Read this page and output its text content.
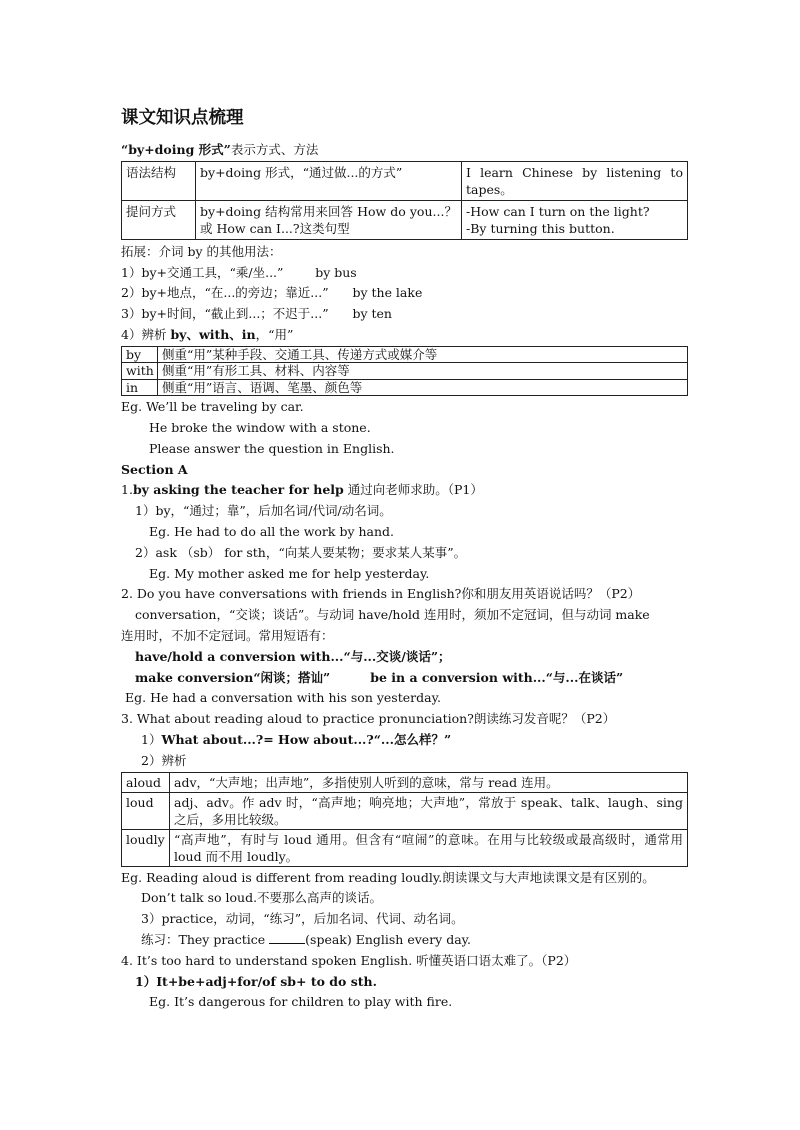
课文知识点梳理
“by+doing 形式”表示方式、方法
语法结构	by+doing 形式，“通过做...的方式”	I learn Chinese by listening to tapes。
提问方式	by+doing 结构常用来回答 How do you...？或 How can I...?这类句型	-How can I turn on the light?
-By turning this button.
拓展：介词 by 的其他用法：
1）by+交通工具，“乘/坐...”        by bus
2）by+地点，“在...的旁边；靠近...”      by the lake
3）by+时间，“截止到...；不迟于...”      by ten
4）辨析 by、with、in，“用”
by	侧重“用”某种手段、交通工具、传递方式或媒介等
with	侧重“用”有形工具、材料、内容等
in	侧重“用”语言、语调、笔墨、颜色等
Eg. We’ll be traveling by car.
He broke the window with a stone.
Please answer the question in English.
Section A
1.by asking the teacher for help 通过向老师求助。（P1）
1）by，“通过；靠”，后加名词/代词/动名词。
Eg. He had to do all the work by hand.
2）ask （sb） for sth，“向某人要某物；要求某人某事”。
Eg. My mother asked me for help yesterday.
2. Do you have conversations with friends in English?你和朋友用英语说话吗？（P2）
conversation，“交谈；谈话”。与动词 have/hold 连用时，须加不定冠词，但与动词 make
连用时，不加不定冠词。常用短语有：
have/hold a conversion with...“与...交谈/谈话”；
make conversion“闲谈；搭讪”	be in a conversion with...“与...在谈话”
Eg. He had a conversation with his son yesterday.
3. What about reading aloud to practice pronunciation?朗读练习发音呢？（P2）
1）What about...?= How about...?“...怎么样？”
2）辨析
aloud	adv，“大声地；出声地”，多指使别人听到的意味，常与 read 连用。
loud	adj、adv。作 adv 时，“高声地；响亮地；大声地”，常放于 speak、talk、laugh、sing 之后，多用比较级。
loudly	“高声地”，有时与 loud 通用。但含有“喧闹”的意味。在用与比较级或最高级时，通常用 loud 而不用 loudly。
Eg. Reading aloud is different from reading loudly.朗读课文与大声地读课文是有区别的。
Don’t talk so loud.不要那么高声的谈话。
3）practice，动词，“练习”，后加名词、代词、动名词。
练习：They practice	(speak) English every day.
4. It’s too hard to understand spoken English. 听懂英语口语太难了。（P2）
1）It+be+adj+for/of sb+ to do sth.
Eg. It’s dangerous for children to play with fire.
